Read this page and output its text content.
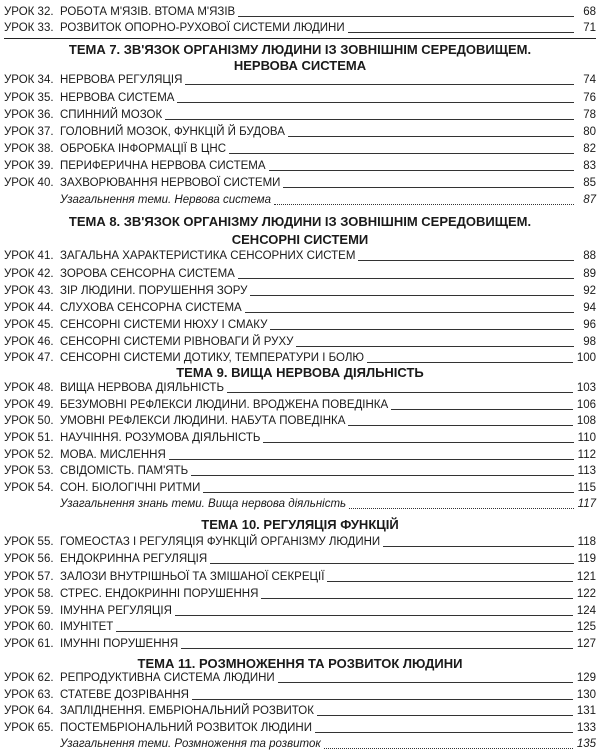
УРОК 32. РОБОТА М'ЯЗІВ. ВТОМА М'ЯЗІВ	68
УРОК 33. РОЗВИТОК ОПОРНО-РУХОВОЇ СИСТЕМИ ЛЮДИНИ	71
ТЕМА 7. ЗВ'ЯЗОК ОРГАНІЗМУ ЛЮДИНИ ІЗ ЗОВНІШНІМ СЕРЕДОВИЩЕМ.
НЕРВОВА СИСТЕМА
УРОК 34. НЕРВОВА РЕГУЛЯЦІЯ	74
УРОК 35. НЕРВОВА СИСТЕМА	76
УРОК 36. СПИННИЙ МОЗОК	78
УРОК 37. ГОЛОВНИЙ МОЗОК, ФУНКЦІЙ Й БУДОВА	80
УРОК 38. ОБРОБКА ІНФОРМАЦІЇ В ЦНС	82
УРОК 39. ПЕРИФЕРИЧНА НЕРВОВА СИСТЕМА	83
УРОК 40. ЗАХВОРЮВАННЯ НЕРВОВОЇ СИСТЕМИ	85
Узагальнення теми. Нервова система	87
ТЕМА 8. ЗВ'ЯЗОК ОРГАНІЗМУ ЛЮДИНИ ІЗ ЗОВНІШНІМ СЕРЕДОВИЩЕМ.
СЕНСОРНІ СИСТЕМИ
УРОК 41. ЗАГАЛЬНА ХАРАКТЕРИСТИКА СЕНСОРНИХ СИСТЕМ	88
УРОК 42. ЗОРОВА СЕНСОРНА СИСТЕМА	89
УРОК 43. ЗІР ЛЮДИНИ. ПОРУШЕННЯ ЗОРУ	92
УРОК 44. СЛУХОВА СЕНСОРНА СИСТЕМА	94
УРОК 45. СЕНСОРНІ СИСТЕМИ НЮХУ І СМАКУ	96
УРОК 46. СЕНСОРНІ СИСТЕМИ РІВНОВАГИ Й РУХУ	98
УРОК 47. СЕНСОРНІ СИСТЕМИ ДОТИКУ, ТЕМПЕРАТУРИ І БОЛЮ	100
ТЕМА 9. ВИЩА НЕРВОВА ДІЯЛЬНІСТЬ
УРОК 48. ВИЩА НЕРВОВА ДІЯЛЬНІСТЬ	103
УРОК 49. БЕЗУМОВНІ РЕФЛЕКСИ ЛЮДИНИ. ВРОДЖЕНА ПОВЕДІНКА	106
УРОК 50. УМОВНІ РЕФЛЕКСИ ЛЮДИНИ. НАБУТА ПОВЕДІНКА	108
УРОК 51. НАУЧІННЯ. РОЗУМОВА ДІЯЛЬНІСТЬ	110
УРОК 52. МОВА. МИСЛЕННЯ	112
УРОК 53. СВІДОМІСТЬ. ПАМ'ЯТЬ	113
УРОК 54. СОН. БІОЛОГІЧНІ РИТМИ	115
Узагальнення знань теми. Вища нервова діяльність	117
ТЕМА 10. РЕГУЛЯЦІЯ ФУНКЦІЙ
УРОК 55. ГОМЕОСТАЗ І РЕГУЛЯЦІЯ ФУНКЦІЙ ОРГАНІЗМУ ЛЮДИНИ	118
УРОК 56. ЕНДОКРИННА РЕГУЛЯЦІЯ	119
УРОК 57. ЗАЛОЗИ ВНУТРІШНЬОЇ ТА ЗМІШАНОЇ СЕКРЕЦІЇ	121
УРОК 58. СТРЕС. ЕНДОКРИННІ ПОРУШЕННЯ	122
УРОК 59. ІМУННА РЕГУЛЯЦІЯ	124
УРОК 60. ІМУНІТЕТ	125
УРОК 61. ІМУННІ ПОРУШЕННЯ	127
ТЕМА 11. РОЗМНОЖЕННЯ ТА РОЗВИТОК ЛЮДИНИ
УРОК 62. РЕПРОДУКТИВНА СИСТЕМА ЛЮДИНИ	129
УРОК 63. СТАТЕВЕ ДОЗРІВАННЯ	130
УРОК 64. ЗАПЛІДНЕННЯ. ЕМБРІОНАЛЬНИЙ РОЗВИТОК	131
УРОК 65. ПОСТЕМБРІОНАЛЬНИЙ РОЗВИТОК ЛЮДИНИ	133
Узагальнення теми. Розмноження та розвиток	135
